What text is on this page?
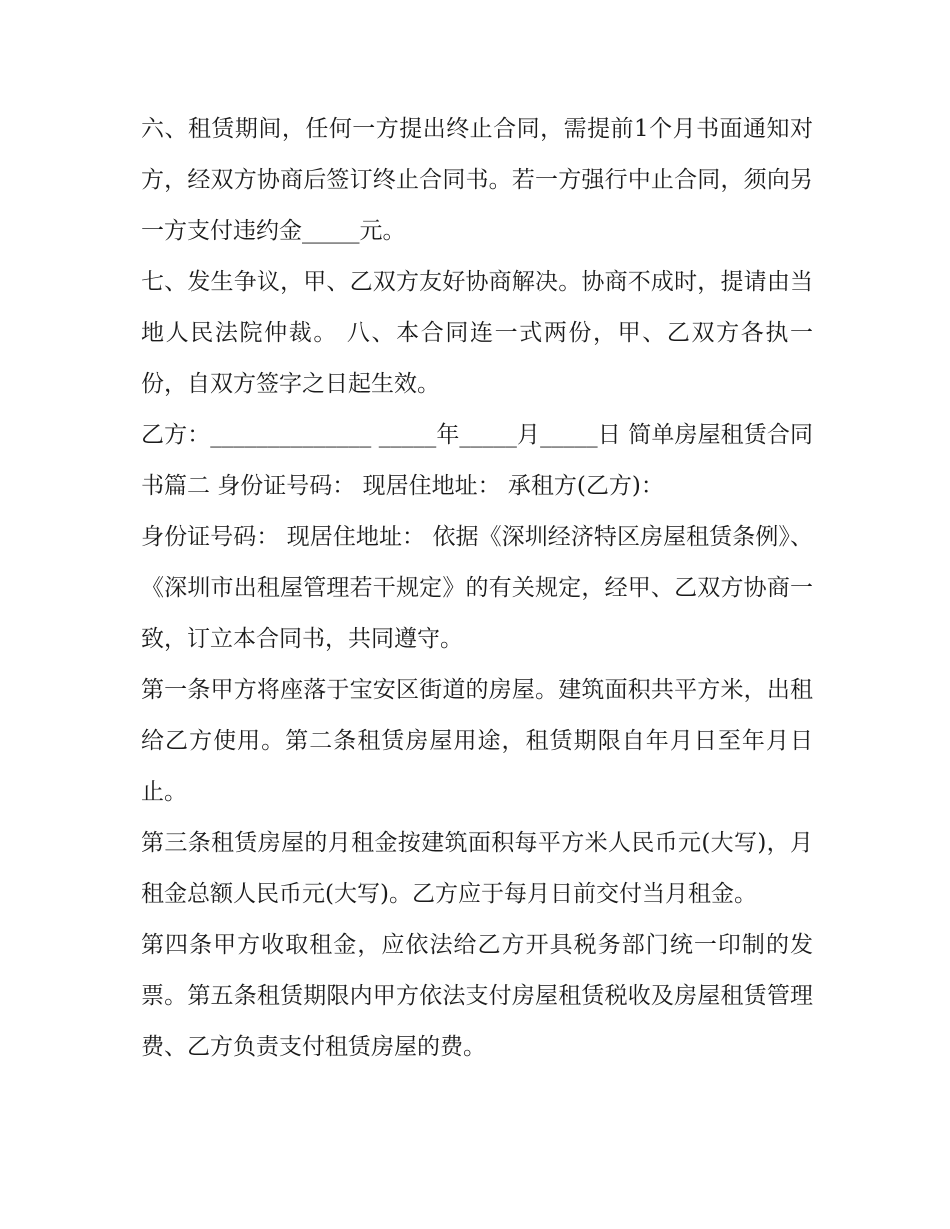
六、租赁期间，任何一方提出终止合同，需提前1个月书面通知对方，经双方协商后签订终止合同书。若一方强行中止合同，须向另一方支付违约金_____元。

七、发生争议，甲、乙双方友好协商解决。协商不成时，提请由当地人民法院仲裁。 八、本合同连一式两份，甲、乙双方各执一份，自双方签字之日起生效。

乙方：______________ _____年_____月_____日 简单房屋租赁合同书篇二 身份证号码： 现居住地址： 承租方(乙方)：

身份证号码： 现居住地址： 依据《深圳经济特区房屋租赁条例》、《深圳市出租屋管理若干规定》的有关规定，经甲、乙双方协商一致，订立本合同书，共同遵守。

第一条甲方将座落于宝安区街道的房屋。建筑面积共平方米，出租给乙方使用。第二条租赁房屋用途，租赁期限自年月日至年月日止。

第三条租赁房屋的月租金按建筑面积每平方米人民币元(大写)，月租金总额人民币元(大写)。乙方应于每月日前交付当月租金。

第四条甲方收取租金，应依法给乙方开具税务部门统一印制的发票。第五条租赁期限内甲方依法支付房屋租赁税收及房屋租赁管理费、乙方负责支付租赁房屋的费。
